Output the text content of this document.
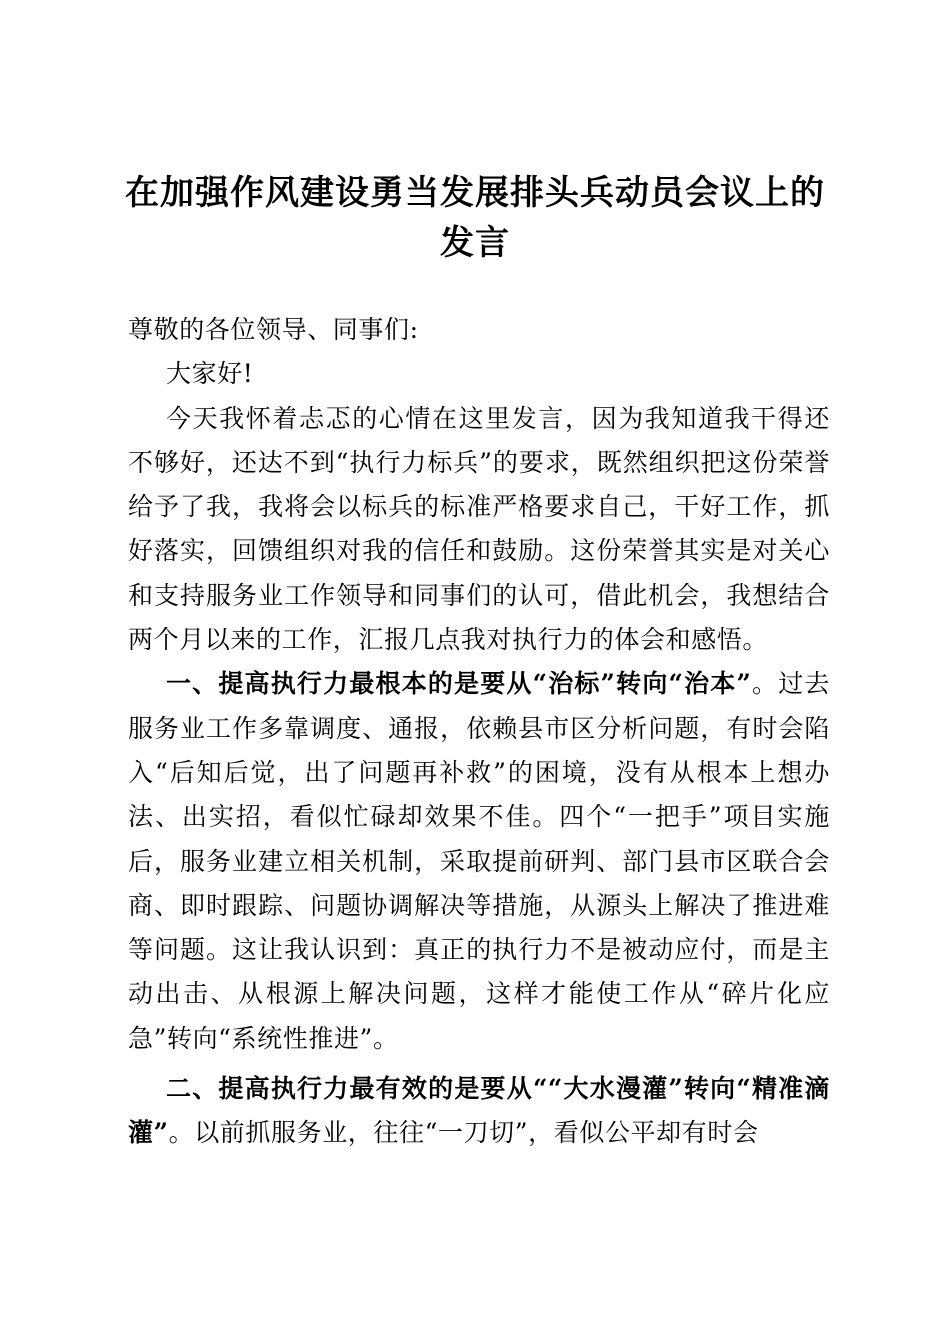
在加强作风建设勇当发展排头兵动员会议上的发言

尊敬的各位领导、同事们:

大家好!

今天我怀着忐忑的心情在这里发言，因为我知道我干得还不够好，还达不到“执行力标兵”的要求，既然组织把这份荣誉给予了我，我将会以标兵的标准严格要求自己，干好工作，抓好落实，回馈组织对我的信任和鼓励。这份荣誉其实是对关心和支持服务业工作领导和同事们的认可，借此机会，我想结合两个月以来的工作，汇报几点我对执行力的体会和感悟。

一、提高执行力最根本的是要从“治标”转向“治本”。过去服务业工作多靠调度、通报，依赖县市区分析问题，有时会陷入“后知后觉，出了问题再补救”的困境，没有从根本上想办法、出实招，看似忙碌却效果不佳。四个“一把手”项目实施后，服务业建立相关机制，采取提前研判、部门县市区联合会商、即时跟踪、问题协调解决等措施，从源头上解决了推进难等问题。这让我认识到：真正的执行力不是被动应付，而是主动出击、从根源上解决问题，这样才能使工作从“碎片化应急”转向“系统性推进”。

二、提高执行力最有效的是要从““大水漫灌”转向“精准滴灌”。以前抓服务业，往往“一刀切”，看似公平却有时会
